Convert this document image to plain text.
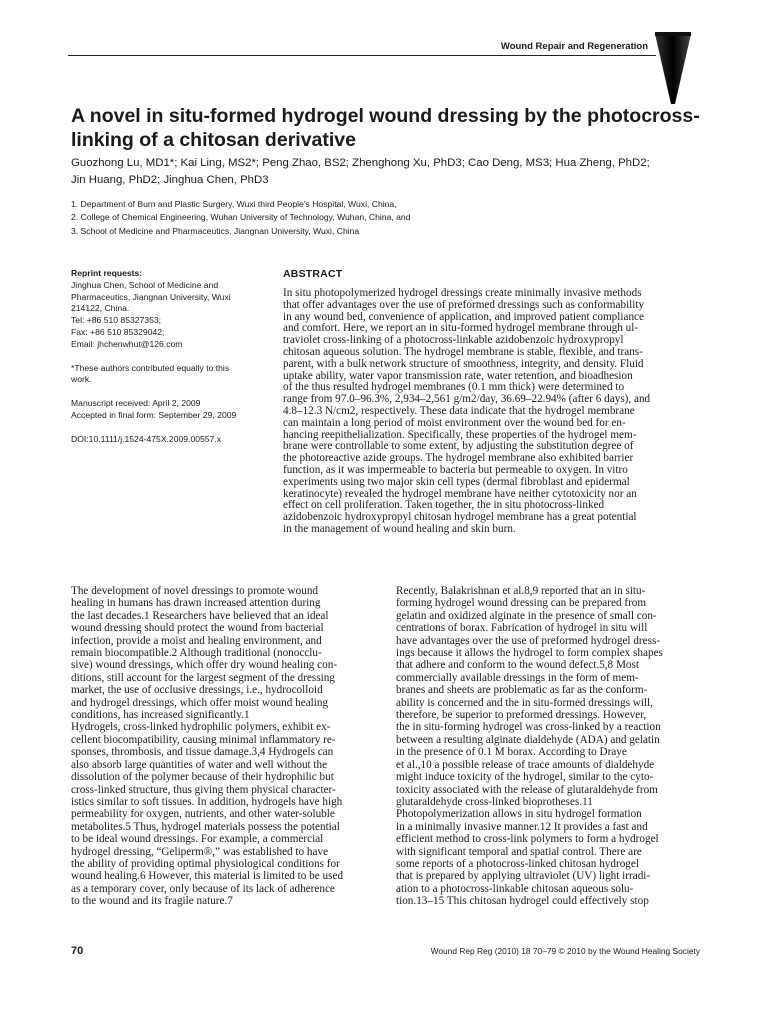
Wound Repair and Regeneration
A novel in situ-formed hydrogel wound dressing by the photocross-linking of a chitosan derivative
Guozhong Lu, MD1*; Kai Ling, MS2*; Peng Zhao, BS2; Zhenghong Xu, PhD3; Cao Deng, MS3; Hua Zheng, PhD2;
Jin Huang, PhD2; Jinghua Chen, PhD3
1. Department of Burn and Plastic Surgery, Wuxi third People’s Hospital, Wuxi, China,
2. College of Chemical Engineering, Wuhan University of Technology, Wuhan, China, and
3. School of Medicine and Pharmaceutics, Jiangnan University, Wuxi, China
Reprint requests:
Jinghua Chen, School of Medicine and
Pharmaceutics, Jiangnan University, Wuxi
214122, China.
Tel: +86 510 85327353;
Fax: +86 510 85329042;
Email: jhchenwhut@126.com
*These authors contributed equally to this
work.
Manuscript received: April 2, 2009
Accepted in final form: September 29, 2009
DOI:10.1111/j.1524-475X.2009.00557.x
ABSTRACT
In situ photopolymerized hydrogel dressings create minimally invasive methods
that offer advantages over the use of preformed dressings such as conformability
in any wound bed, convenience of application, and improved patient compliance
and comfort. Here, we report an in situ-formed hydrogel membrane through ul-
traviolet cross-linking of a photocross-linkable azidobenzoic hydroxypropyl
chitosan aqueous solution. The hydrogel membrane is stable, flexible, and trans-
parent, with a bulk network structure of smoothness, integrity, and density. Fluid
uptake ability, water vapor transmission rate, water retention, and bioadhesion
of the thus resulted hydrogel membranes (0.1 mm thick) were determined to
range from 97.0–96.3%, 2,934–2,561 g/m2/day, 36.69–22.94% (after 6 days), and
4.8–12.3 N/cm2, respectively. These data indicate that the hydrogel membrane
can maintain a long period of moist environment over the wound bed for en-
hancing reepithelialization. Specifically, these properties of the hydrogel mem-
brane were controllable to some extent, by adjusting the substitution degree of
the photoreactive azide groups. The hydrogel membrane also exhibited barrier
function, as it was impermeable to bacteria but permeable to oxygen. In vitro
experiments using two major skin cell types (dermal fibroblast and epidermal
keratinocyte) revealed the hydrogel membrane have neither cytotoxicity nor an
effect on cell proliferation. Taken together, the in situ photocross-linked
azidobenzoic hydroxypropyl chitosan hydrogel membrane has a great potential
in the management of wound healing and skin burn.
The development of novel dressings to promote wound
healing in humans has drawn increased attention during
the last decades.1 Researchers have believed that an ideal
wound dressing should protect the wound from bacterial
infection, provide a moist and healing environment, and
remain biocompatible.2 Although traditional (nonocclu-
sive) wound dressings, which offer dry wound healing con-
ditions, still account for the largest segment of the dressing
market, the use of occlusive dressings, i.e., hydrocolloid
and hydrogel dressings, which offer moist wound healing
conditions, has increased significantly.1
Hydrogels, cross-linked hydrophilic polymers, exhibit ex-
cellent biocompatibility, causing minimal inflammatory re-
sponses, thrombosis, and tissue damage.3,4 Hydrogels can
also absorb large quantities of water and well without the
dissolution of the polymer because of their hydrophilic but
cross-linked structure, thus giving them physical character-
istics similar to soft tissues. In addition, hydrogels have high
permeability for oxygen, nutrients, and other water-soluble
metabolites.5 Thus, hydrogel materials possess the potential
to be ideal wound dressings. For example, a commercial
hydrogel dressing, “Geliperm®,” was established to have
the ability of providing optimal physiological conditions for
wound healing.6 However, this material is limited to be used
as a temporary cover, only because of its lack of adherence
to the wound and its fragile nature.7
Recently, Balakrishnan et al.8,9 reported that an in situ-
forming hydrogel wound dressing can be prepared from
gelatin and oxidized alginate in the presence of small con-
centrations of borax. Fabrication of hydrogel in situ will
have advantages over the use of preformed hydrogel dress-
ings because it allows the hydrogel to form complex shapes
that adhere and conform to the wound defect.5,8 Most
commercially available dressings in the form of mem-
branes and sheets are problematic as far as the conform-
ability is concerned and the in situ-formed dressings will,
therefore, be superior to preformed dressings. However,
the in situ-forming hydrogel was cross-linked by a reaction
between a resulting alginate dialdehyde (ADA) and gelatin
in the presence of 0.1 M borax. According to Draye
et al.,10 a possible release of trace amounts of dialdehyde
might induce toxicity of the hydrogel, similar to the cyto-
toxicity associated with the release of glutaraldehyde from
glutaraldehyde cross-linked bioprotheses.11
Photopolymerization allows in situ hydrogel formation
in a minimally invasive manner.12 It provides a fast and
efficient method to cross-link polymers to form a hydrogel
with significant temporal and spatial control. There are
some reports of a photocross-linked chitosan hydrogel
that is prepared by applying ultraviolet (UV) light irradi-
ation to a photocross-linkable chitosan aqueous solu-
tion.13–15 This chitosan hydrogel could effectively stop
70	Wound Rep Reg (2010) 18 70–79 © 2010 by the Wound Healing Society
